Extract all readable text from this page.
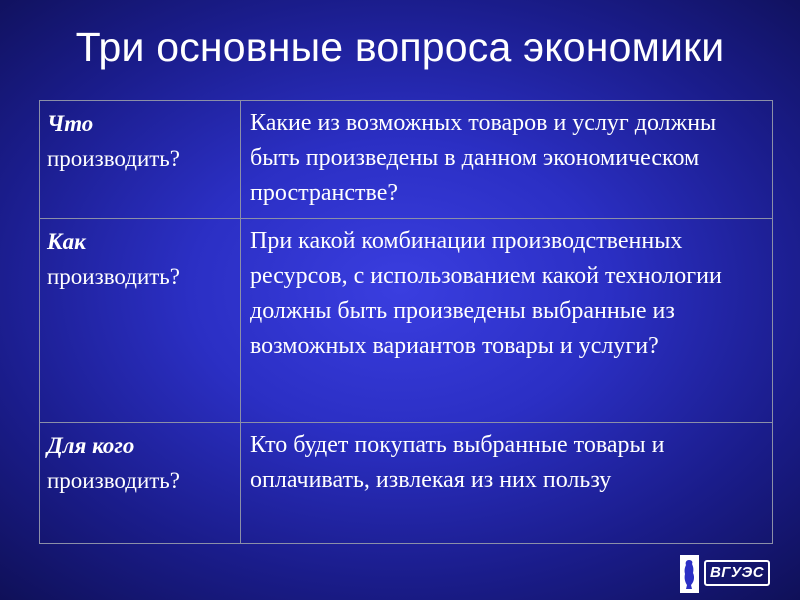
Три основные вопроса экономики
Что
производить?
Какие из возможных товаров и услуг должны быть произведены в данном экономическом пространстве?
Как
производить?
При какой комбинации производственных ресурсов, с использованием какой технологии должны быть произведены выбранные из возможных вариантов товары и услуги?
Для кого
производить?
Кто будет покупать выбранные товары и оплачивать, извлекая из них пользу
ВГУЭС
